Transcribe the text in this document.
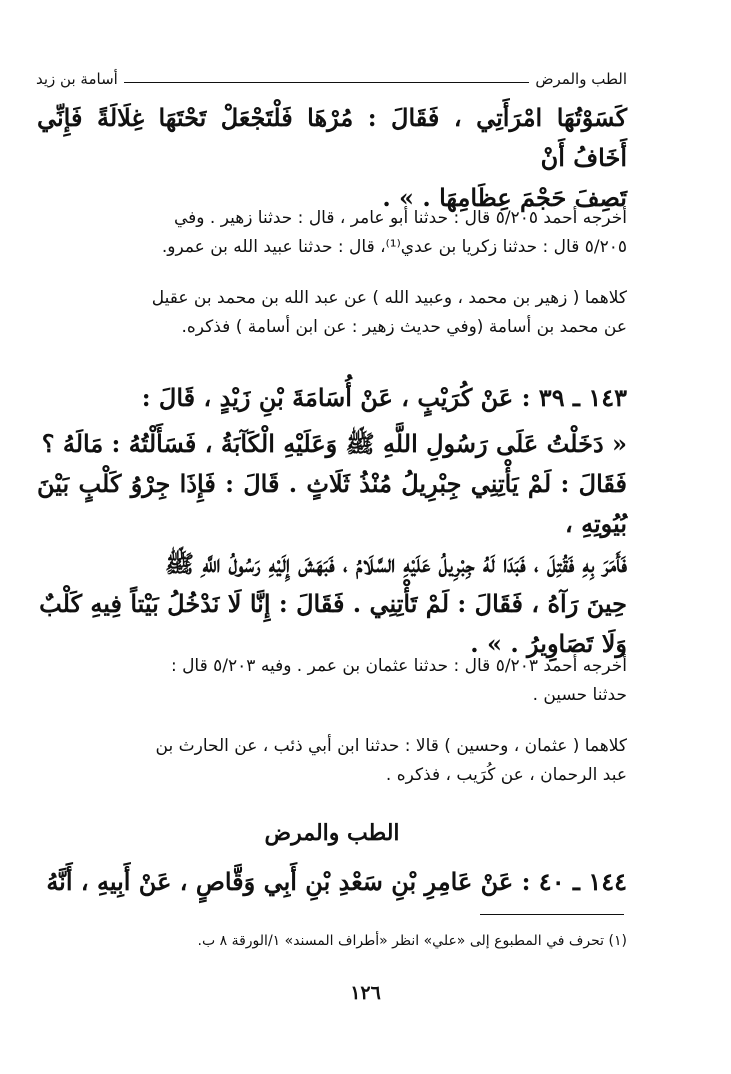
الطب والمرض
أسامة بن زيد

كَسَوْتُهَا امْرَأَتِي ، فَقَالَ : مُرْهَا فَلْتَجْعَلْ تَحْتَهَا غِلَالَةً فَإِنِّي أَخَافُ أَنْ

تَصِفَ حَجْمَ عِظَامِهَا . » .

أخرجه أحمد ٥/٢٠٥ قال : حدثنا أبو عامر ، قال : حدثنا زهير . وفي

٥/٢٠٥ قال : حدثنا زكريا بن عدي⁽¹⁾، قال : حدثنا عبيد الله بن عمرو.

كلاهما ( زهير بن محمد ، وعبيد الله ) عن عبد الله بن محمد بن عقيل

عن محمد بن أسامة (وفي حديث زهير : عن ابن أسامة ) فذكره.

١٤٣ ـ ٣٩ : عَنْ كُرَيْبٍ ، عَنْ أُسَامَةَ بْنِ زَيْدٍ ، قَالَ :

« دَخَلْتُ عَلَى رَسُولِ اللَّهِ ﷺ وَعَلَيْهِ الْكَآبَةُ ، فَسَأَلْتُهُ : مَالَهُ ؟

فَقَالَ : لَمْ يَأْتِنِي جِبْرِيلُ مُنْذُ ثَلَاثٍ . قَالَ : فَإِذَا جِرْوُ كَلْبٍ بَيْنَ بُيُوتِهِ ،

فَأَمَرَ بِهِ فَقُتِلَ ، فَبَدَا لَهُ جِبْرِيلُ عَلَيْهِ السَّلَامُ ، فَبَهَشَ إِلَيْهِ رَسُولُ اللَّهِ ﷺ

حِينَ رَآهُ ، فَقَالَ : لَمْ تَأْتِنِي . فَقَالَ : إِنَّا لَا نَدْخُلُ بَيْتاً فِيهِ كَلْبٌ

وَلَا تَصَاوِيرُ . » .

أخرجه أحمد ٥/٢٠٣ قال : حدثنا عثمان بن عمر . وفيه ٥/٢٠٣ قال :

حدثنا حسين .

كلاهما ( عثمان ، وحسين ) قالا : حدثنا ابن أبي ذئب ، عن الحارث بن

عبد الرحمان ، عن كُرَيب ، فذكره .

الطب والمرض

١٤٤ ـ ٤٠ : عَنْ عَامِرِ بْنِ سَعْدِ بْنِ أَبِي وَقَّاصٍ ، عَنْ أَبِيهِ ، أَنَّهُ

(١) تحرف في المطبوع إلى «علي» انظر «أطراف المسند» ١/الورقة ٨ ب.
١٢٦
